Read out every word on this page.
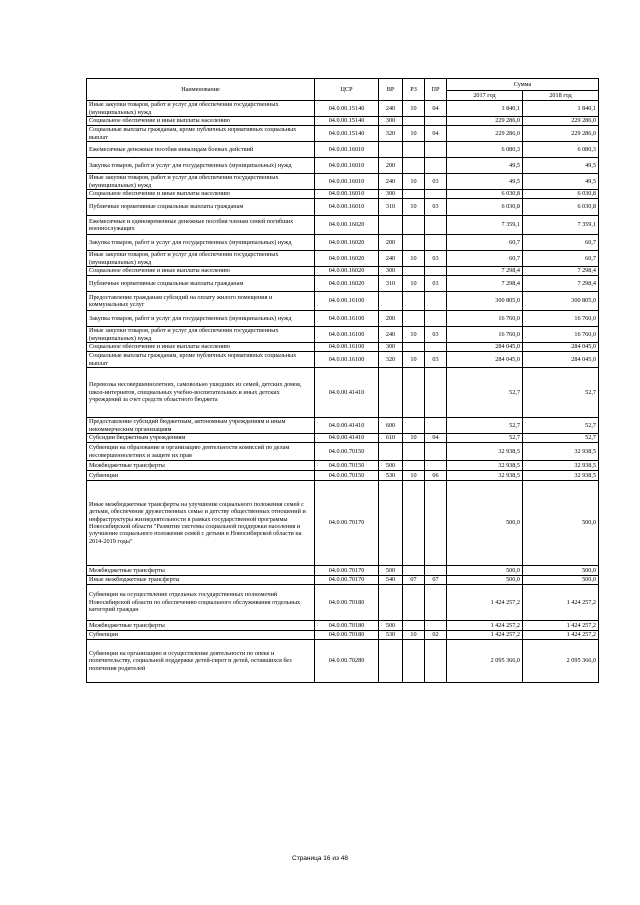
Наименование	ЦСР	ВР	РЗ	ПР	Сумма	
					2017 год	2018 год
Иные закупки товаров, работ и услуг для обеспечения государственных (муниципальных) нужд	04.0.00.15140	240	10	04	1 840,1	1 840,1
Социальное обеспечение и иные выплаты населению	04.0.00.15140	300			229 286,0	229 286,0
Социальные выплаты гражданам, кроме публичных нормативных социальных выплат	04.0.00.15140	320	10	04	229 286,0	229 286,0
Ежемесячные денежные пособия инвалидам боевых действий	04.0.00.16010				6 080,3	6 080,3
Закупка товаров, работ и услуг для государственных (муниципальных) нужд	04.0.00.16010	200			49,5	49,5
Иные закупки товаров, работ и услуг для обеспечения государственных (муниципальных) нужд	04.0.00.16010	240	10	03	49,5	49,5
Социальное обеспечение и иные выплаты населению	04.0.00.16010	300			6 030,8	6 030,8
Публичные нормативные социальные выплаты гражданам	04.0.00.16010	310	10	03	6 030,8	6 030,8
Ежемесячные и единовременные денежные пособия членам семей погибших военнослужащих	04.0.00.16020				7 359,1	7 359,1
Закупка товаров, работ и услуг для государственных (муниципальных) нужд	04.0.00.16020	200			60,7	60,7
Иные закупки товаров, работ и услуг для обеспечения государственных (муниципальных) нужд	04.0.00.16020	240	10	03	60,7	60,7
Социальное обеспечение и иные выплаты населению	04.0.00.16020	300			7 298,4	7 298,4
Публичные нормативные социальные выплаты гражданам	04.0.00.16020	310	10	03	7 298,4	7 298,4
Предоставление гражданам субсидий на оплату жилого помещения и коммунальных услуг	04.0.00.16100				300 805,0	300 805,0
Закупка товаров, работ и услуг для государственных (муниципальных) нужд	04.0.00.16100	200			16 760,0	16 760,0
Иные закупки товаров, работ и услуг для обеспечения государственных (муниципальных) нужд	04.0.00.16100	240	10	03	16 760,0	16 760,0
Социальное обеспечение и иные выплаты населению	04.0.00.16100	300			284 045,0	284 045,0
Социальные выплаты гражданам, кроме публичных нормативных социальных выплат	04.0.00.16100	320	10	03	284 045,0	284 045,0
Перевозка несовершеннолетних, самовольно ушедших из семей, детских домов, школ-интернатов, специальных учебно-воспитательных и иных детских учреждений за счет средств областного бюджета	04.0.00.41410				52,7	52,7
Предоставление субсидий бюджетным, автономным учреждениям и иным некоммерческим организациям	04.0.00.41410	600			52,7	52,7
Субсидии бюджетным учреждениям	04.0.00.41410	610	10	04	52,7	52,7
Субвенции на образование и организацию деятельности комиссий по делам несовершеннолетних и защите их прав	04.0.00.70150				32 938,5	32 938,5
Межбюджетные трансферты	04.0.00.70150	500			32 938,5	32 938,5
Субвенции	04.0.00.70150	530	10	06	32 938,5	32 938,5
Иные межбюджетные трансферты на улучшение социального положения семей с детьми, обеспечение дружественных семье и детству общественных отношений и инфраструктуры жизнедеятельности в рамках государственной программы Новосибирской области "Развитие системы социальной поддержки населения и улучшение социального положения семей с детьми в Новосибирской области на 2014-2019 годы"	04.0.00.70170				500,0	500,0
Межбюджетные трансферты	04.0.00.70170	500			500,0	500,0
Иные межбюджетные трансферты	04.0.00.70170	540	07	07	500,0	500,0
Субвенции на осуществление отдельных государственных полномочий Новосибирской области по обеспечению социального обслуживания отдельных категорий граждан	04.0.00.70180				1 424 257,2	1 424 257,2
Межбюджетные трансферты	04.0.00.70180	500			1 424 257,2	1 424 257,2
Субвенции	04.0.00.70180	530	10	02	1 424 257,2	1 424 257,2
Субвенции на организацию и осуществление деятельности по опеке и попечительству, социальной поддержке детей-сирот и детей, оставшихся без попечения родителей	04.0.00.70280				2 095 366,0	2 095 366,0
Страница 16 из 48
